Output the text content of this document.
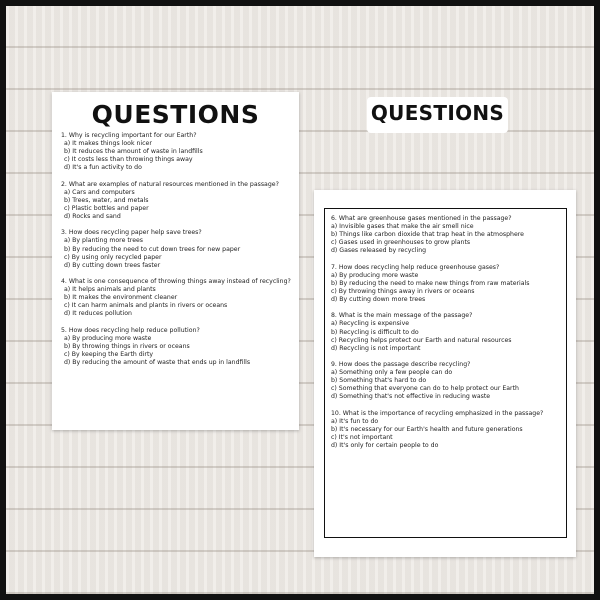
QUESTIONS
1. Why is recycling important for our Earth?
a) It makes things look nicer
b) It reduces the amount of waste in landfills
c) It costs less than throwing things away
d) It's a fun activity to do
2. What are examples of natural resources mentioned in the passage?
a) Cars and computers
b) Trees, water, and metals
c) Plastic bottles and paper
d) Rocks and sand
3. How does recycling paper help save trees?
a) By planting more trees
b) By reducing the need to cut down trees for new paper
c) By using only recycled paper
d) By cutting down trees faster
4. What is one consequence of throwing things away instead of recycling?
a) It helps animals and plants
b) It makes the environment cleaner
c) It can harm animals and plants in rivers or oceans
d) It reduces pollution
5. How does recycling help reduce pollution?
a) By producing more waste
b) By throwing things in rivers or oceans
c) By keeping the Earth dirty
d) By reducing the amount of waste that ends up in landfills
QUESTIONS
6. What are greenhouse gases mentioned in the passage?
a) Invisible gases that make the air smell nice
b) Things like carbon dioxide that trap heat in the atmosphere
c) Gases used in greenhouses to grow plants
d) Gases released by recycling
7. How does recycling help reduce greenhouse gases?
a) By producing more waste
b) By reducing the need to make new things from raw materials
c) By throwing things away in rivers or oceans
d) By cutting down more trees
8. What is the main message of the passage?
a) Recycling is expensive
b) Recycling is difficult to do
c) Recycling helps protect our Earth and natural resources
d) Recycling is not important
9. How does the passage describe recycling?
a) Something only a few people can do
b) Something that's hard to do
c) Something that everyone can do to help protect our Earth
d) Something that's not effective in reducing waste
10. What is the importance of recycling emphasized in the passage?
a) It's fun to do
b) It's necessary for our Earth's health and future generations
c) It's not important
d) It's only for certain people to do
